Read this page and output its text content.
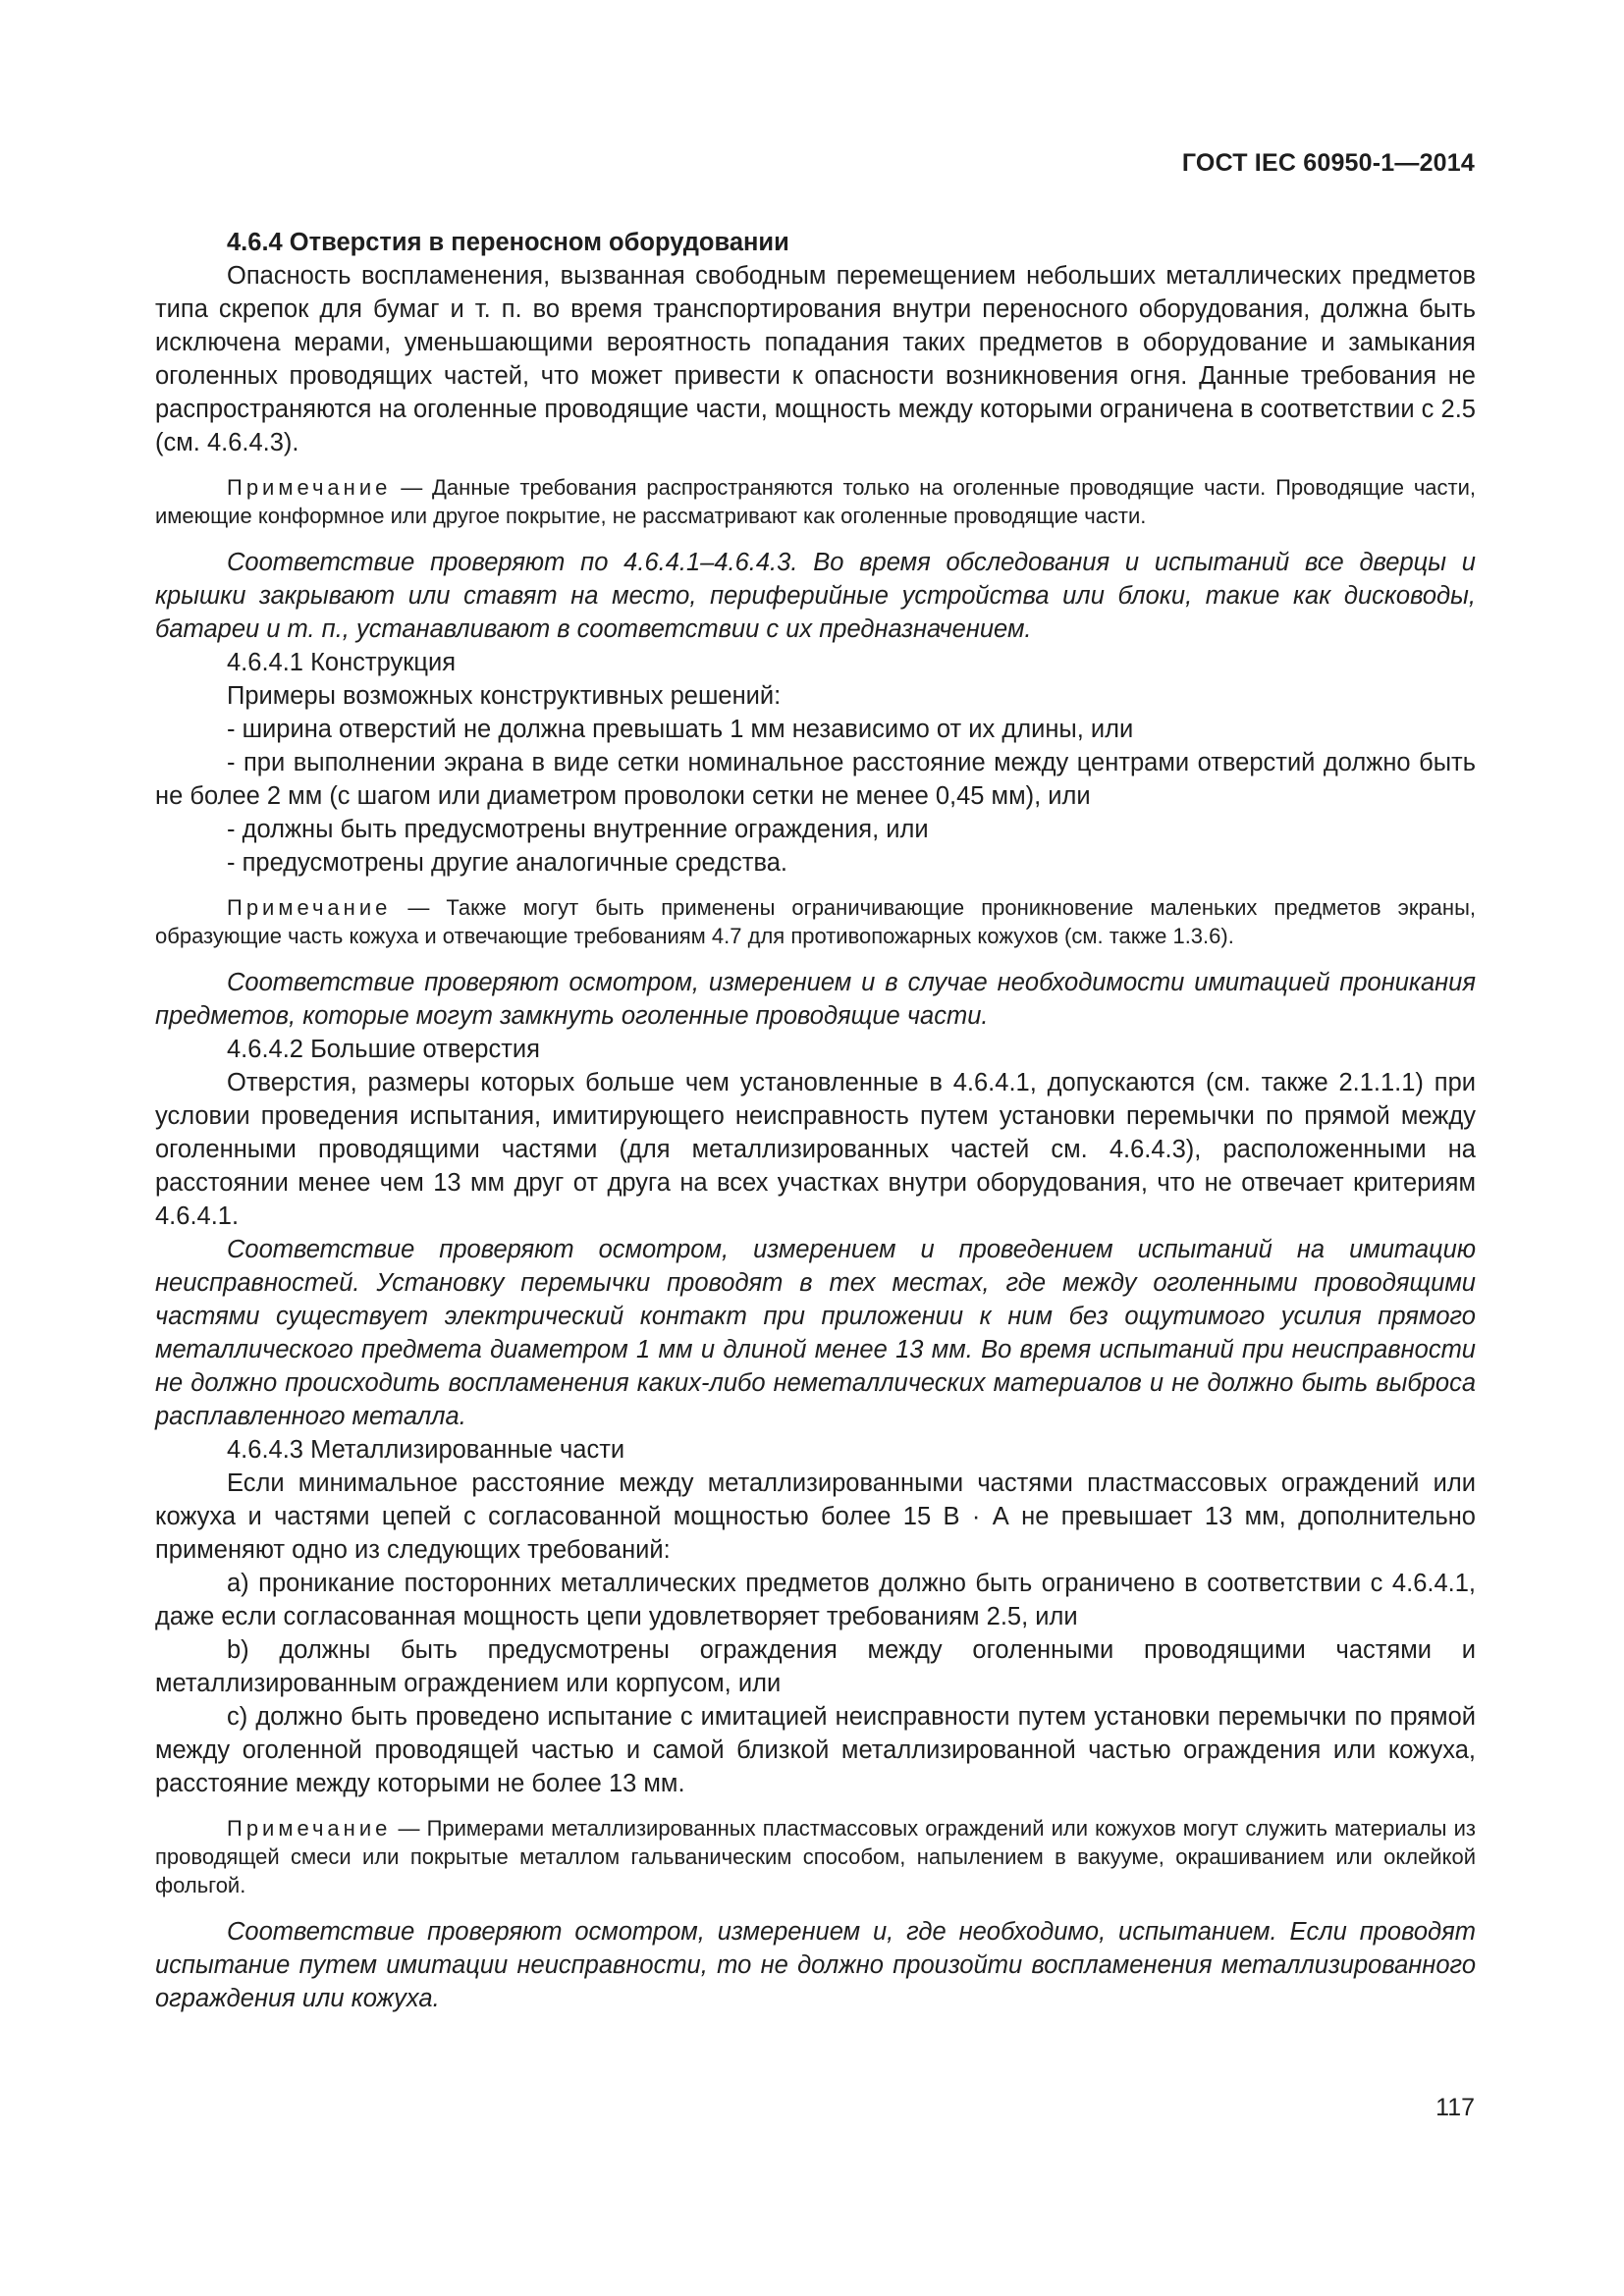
ГОСТ IEC 60950-1—2014

4.6.4 Отверстия в переносном оборудовании

Опасность воспламенения, вызванная свободным перемещением небольших металлических предметов типа скрепок для бумаг и т. п. во время транспортирования внутри переносного оборудования, должна быть исключена мерами, уменьшающими вероятность попадания таких предметов в оборудование и замыкания оголенных проводящих частей, что может привести к опасности возникновения огня. Данные требования не распространяются на оголенные проводящие части, мощность между которыми ограничена в соответствии с 2.5 (см. 4.6.4.3).

Примечание — Данные требования распространяются только на оголенные проводящие части. Проводящие части, имеющие конформное или другое покрытие, не рассматривают как оголенные проводящие части.

Соответствие проверяют по 4.6.4.1–4.6.4.3. Во время обследования и испытаний все дверцы и крышки закрывают или ставят на место, периферийные устройства или блоки, такие как дисководы, батареи и т. п., устанавливают в соответствии с их предназначением.

4.6.4.1 Конструкция

Примеры возможных конструктивных решений:

- ширина отверстий не должна превышать 1 мм независимо от их длины, или

- при выполнении экрана в виде сетки номинальное расстояние между центрами отверстий должно быть не более 2 мм (с шагом или диаметром проволоки сетки не менее 0,45 мм), или

- должны быть предусмотрены внутренние ограждения, или

- предусмотрены другие аналогичные средства.

Примечание — Также могут быть применены ограничивающие проникновение маленьких предметов экраны, образующие часть кожуха и отвечающие требованиям 4.7 для противопожарных кожухов (см. также 1.3.6).

Соответствие проверяют осмотром, измерением и в случае необходимости имитацией проникания предметов, которые могут замкнуть оголенные проводящие части.

4.6.4.2 Большие отверстия

Отверстия, размеры которых больше чем установленные в 4.6.4.1, допускаются (см. также 2.1.1.1) при условии проведения испытания, имитирующего неисправность путем установки перемычки по прямой между оголенными проводящими частями (для металлизированных частей см. 4.6.4.3), расположенными на расстоянии менее чем 13 мм друг от друга на всех участках внутри оборудования, что не отвечает критериям 4.6.4.1.

Соответствие проверяют осмотром, измерением и проведением испытаний на имитацию неисправностей. Установку перемычки проводят в тех местах, где между оголенными проводящими частями существует электрический контакт при приложении к ним без ощутимого усилия прямого металлического предмета диаметром 1 мм и длиной менее 13 мм. Во время испытаний при неисправности не должно происходить воспламенения каких-либо неметаллических материалов и не должно быть выброса расплавленного металла.

4.6.4.3 Металлизированные части

Если минимальное расстояние между металлизированными частями пластмассовых ограждений или кожуха и частями цепей с согласованной мощностью более 15 В · А не превышает 13 мм, дополнительно применяют одно из следующих требований:

a) проникание посторонних металлических предметов должно быть ограничено в соответствии с 4.6.4.1, даже если согласованная мощность цепи удовлетворяет требованиям 2.5, или

b) должны быть предусмотрены ограждения между оголенными проводящими частями и металлизированным ограждением или корпусом, или

c) должно быть проведено испытание с имитацией неисправности путем установки перемычки по прямой между оголенной проводящей частью и самой близкой металлизированной частью ограждения или кожуха, расстояние между которыми не более 13 мм.

Примечание — Примерами металлизированных пластмассовых ограждений или кожухов могут служить материалы из проводящей смеси или покрытые металлом гальваническим способом, напылением в вакууме, окрашиванием или оклейкой фольгой.

Соответствие проверяют осмотром, измерением и, где необходимо, испытанием. Если проводят испытание путем имитации неисправности, то не должно произойти воспламенения металлизированного ограждения или кожуха.

117
